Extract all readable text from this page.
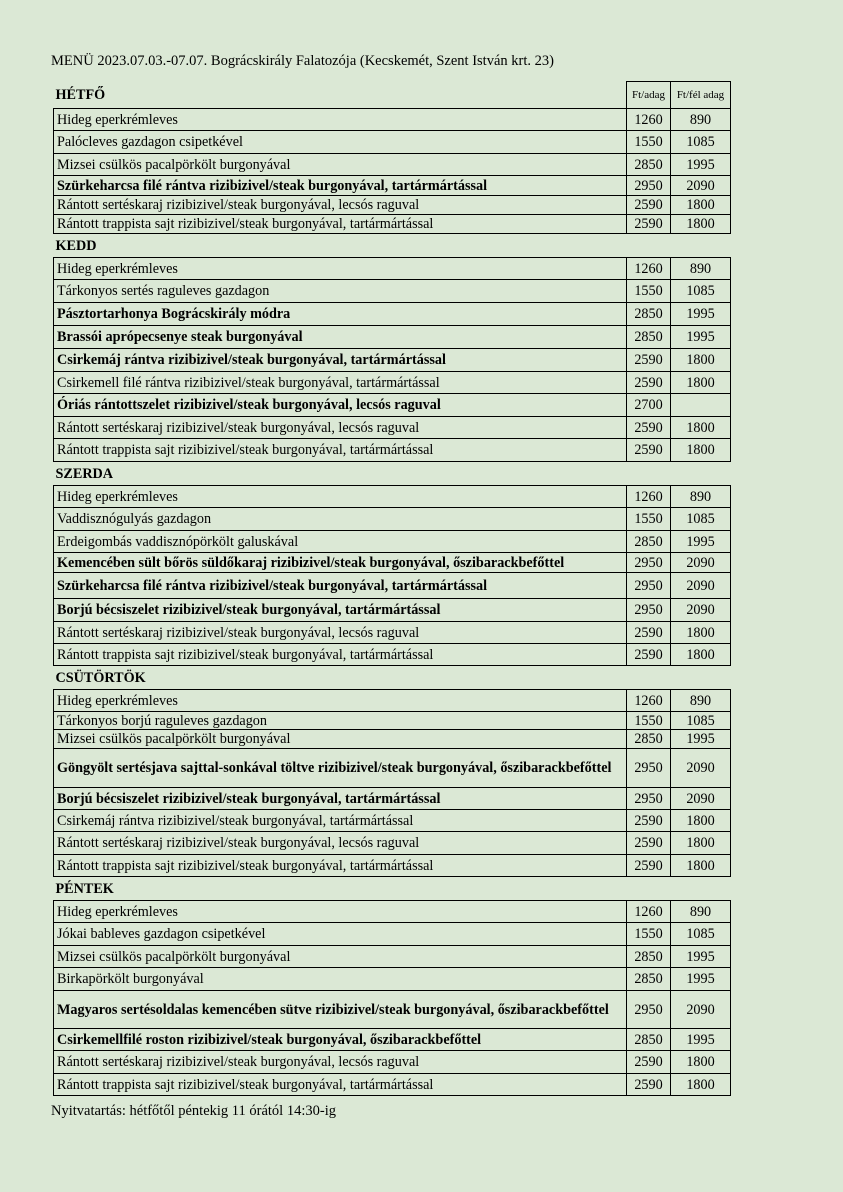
MENÜ 2023.07.03.-07.07. Bográcskirály Falatozója (Kecskemét, Szent István krt. 23)
HÉTFŐ	Ft/adag	Ft/fél adag
Hideg eperkrémleves	1260	890
Palócleves gazdagon csipetkével	1550	1085
Mizsei csülkös pacalpörkölt burgonyával	2850	1995
Szürkeharcsa filé rántva rizibizivel/steak burgonyával, tartármártással	2950	2090
Rántott sertéskaraj rizibizivel/steak burgonyával, lecsós raguval	2590	1800
Rántott trappista sajt rizibizivel/steak burgonyával, tartármártással	2590	1800
KEDD		
Hideg eperkrémleves	1260	890
Tárkonyos sertés raguleves gazdagon	1550	1085
Pásztortarhonya Bográcskirály módra	2850	1995
Brassói aprópecsenye steak burgonyával	2850	1995
Csirkemáj rántva rizibizivel/steak burgonyával, tartármártással	2590	1800
Csirkemell filé rántva rizibizivel/steak burgonyával, tartármártással	2590	1800
Óriás rántottszelet rizibizivel/steak burgonyával, lecsós raguval	2700	
Rántott sertéskaraj rizibizivel/steak burgonyával, lecsós raguval	2590	1800
Rántott trappista sajt rizibizivel/steak burgonyával, tartármártással	2590	1800
SZERDA		
Hideg eperkrémleves	1260	890
Vaddisznógulyás gazdagon	1550	1085
Erdeigombás vaddisznópörkölt galuskával	2850	1995
Kemencében sült bőrös süldőkaraj rizibizivel/steak burgonyával, őszibarackbefőttel	2950	2090
Szürkeharcsa filé rántva rizibizivel/steak burgonyával, tartármártással	2950	2090
Borjú bécsiszelet rizibizivel/steak burgonyával, tartármártással	2950	2090
Rántott sertéskaraj rizibizivel/steak burgonyával, lecsós raguval	2590	1800
Rántott trappista sajt rizibizivel/steak burgonyával, tartármártással	2590	1800
CSÜTÖRTÖK		
Hideg eperkrémleves	1260	890
Tárkonyos borjú raguleves gazdagon	1550	1085
Mizsei csülkös pacalpörkölt burgonyával	2850	1995
Göngyölt sertésjava sajttal-sonkával töltve rizibizivel/steak burgonyával, őszibarackbefőttel	2950	2090
Borjú bécsiszelet rizibizivel/steak burgonyával, tartármártással	2950	2090
Csirkemáj rántva rizibizivel/steak burgonyával, tartármártással	2590	1800
Rántott sertéskaraj rizibizivel/steak burgonyával, lecsós raguval	2590	1800
Rántott trappista sajt rizibizivel/steak burgonyával, tartármártással	2590	1800
PÉNTEK		
Hideg eperkrémleves	1260	890
Jókai bableves gazdagon csipetkével	1550	1085
Mizsei csülkös pacalpörkölt burgonyával	2850	1995
Birkapörkölt burgonyával	2850	1995
Magyaros sertésoldalas kemencében sütve rizibizivel/steak burgonyával, őszibarackbefőttel	2950	2090
Csirkemellfilé roston rizibizivel/steak burgonyával, őszibarackbefőttel	2850	1995
Rántott sertéskaraj rizibizivel/steak burgonyával, lecsós raguval	2590	1800
Rántott trappista sajt rizibizivel/steak burgonyával, tartármártással	2590	1800
Nyitvatartás: hétfőtől péntekig 11 órától 14:30-ig
